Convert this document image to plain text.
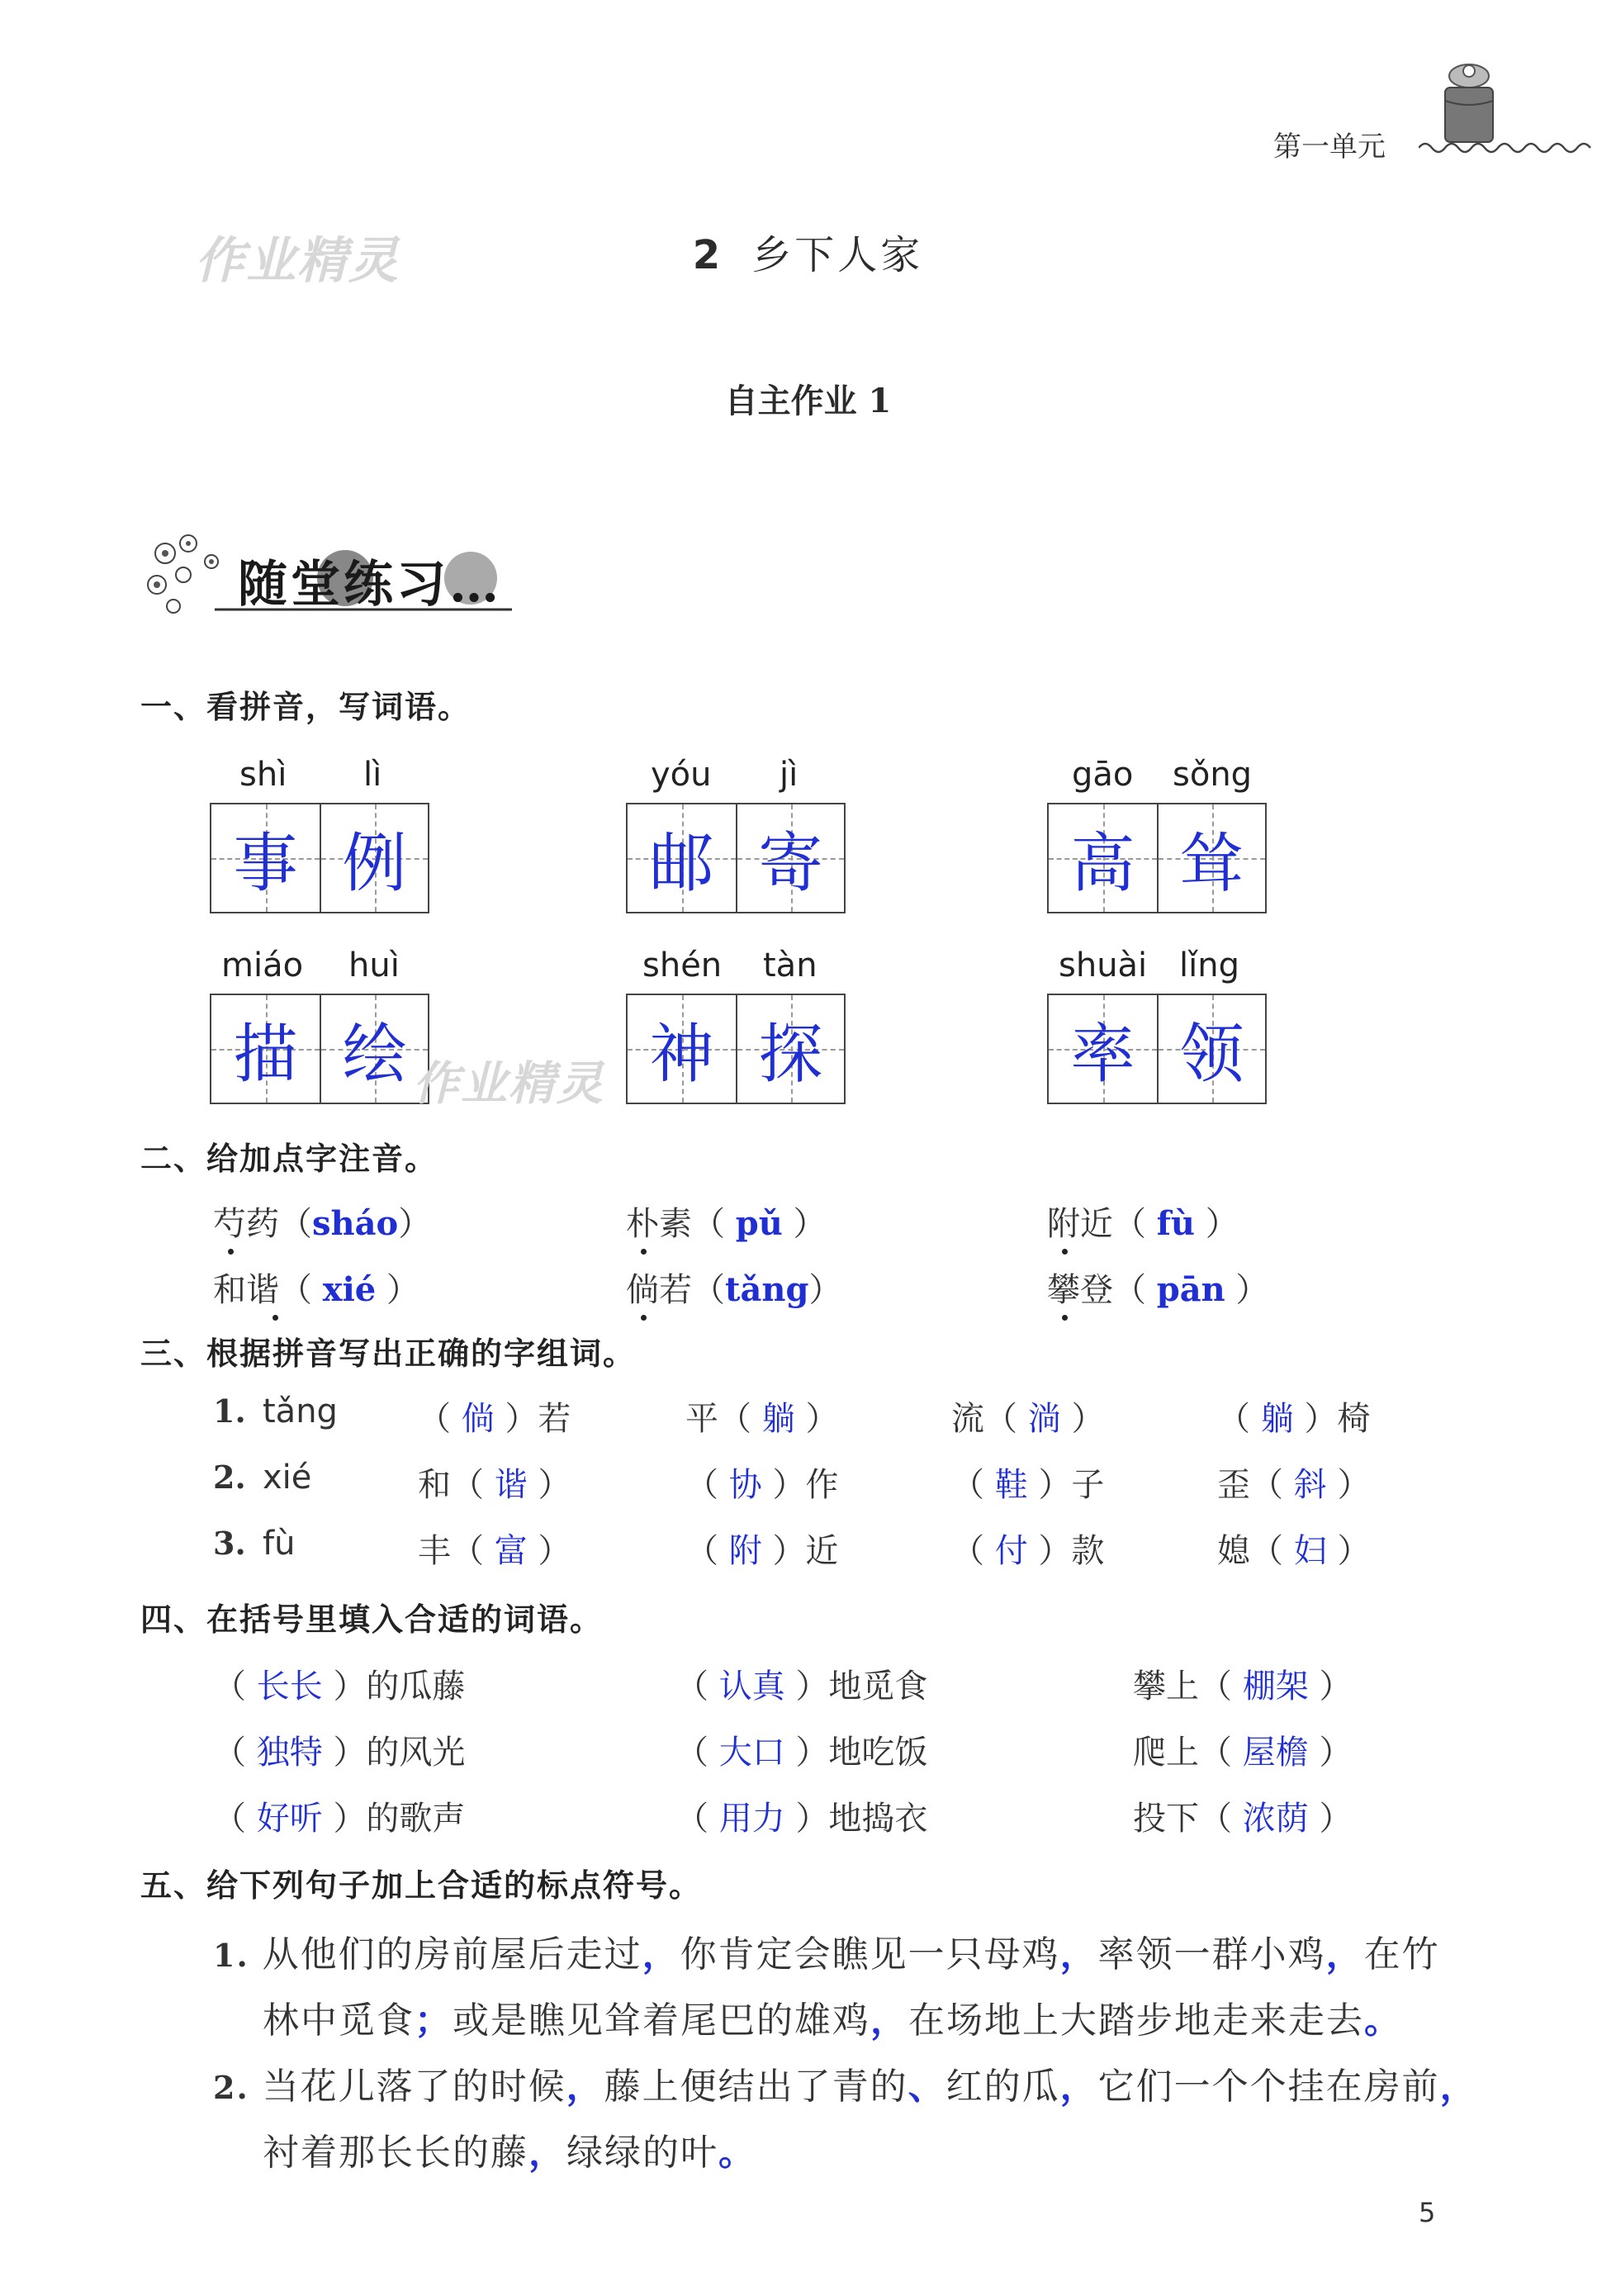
第一单元
作业精灵	2 乡下人家
自主作业 1
随堂练习…
一、看拼音，写词语。
shì lì
事 例
yóu jì
邮 寄
gāo sǒng
高 耸
miáo huì
描 绘 作业精灵
shén tàn
神 探
shuài lǐng
率 领
二、给加点字注音。
芍药（sháo）	朴素（ pǔ ）	附近（ fù ）
和谐（ xié ）	倘若（tǎng）	攀登（ pān ）
三、根据拼音写出正确的字组词。
1. tǎng （ 倘 ）若	平（ 躺 ）	流（ 淌 ）	（ 躺 ）椅
2. xié	和（ 谐 ）	（ 协 ）作	（ 鞋 ）子	歪（ 斜 ）
3. fù	丰（ 富 ）	（ 附 ）近	（ 付 ）款	媳（ 妇 ）
四、在括号里填入合适的词语。
（ 长长 ）的瓜藤	（ 认真 ）地觅食	攀上（ 棚架 ）
（ 独特 ）的风光	（ 大口 ）地吃饭	爬上（ 屋檐 ）
（ 好听 ）的歌声	（ 用力 ）地捣衣	投下（ 浓荫 ）
五、给下列句子加上合适的标点符号。
1. 从他们的房前屋后走过，你肯定会瞧见一只母鸡，率领一群小鸡，在竹
林中觅食；或是瞧见耸着尾巴的雄鸡，在场地上大踏步地走来走去。
2. 当花儿落了的时候，藤上便结出了青的、红的瓜，它们一个个挂在房前，
衬着那长长的藤，绿绿的叶。
5
